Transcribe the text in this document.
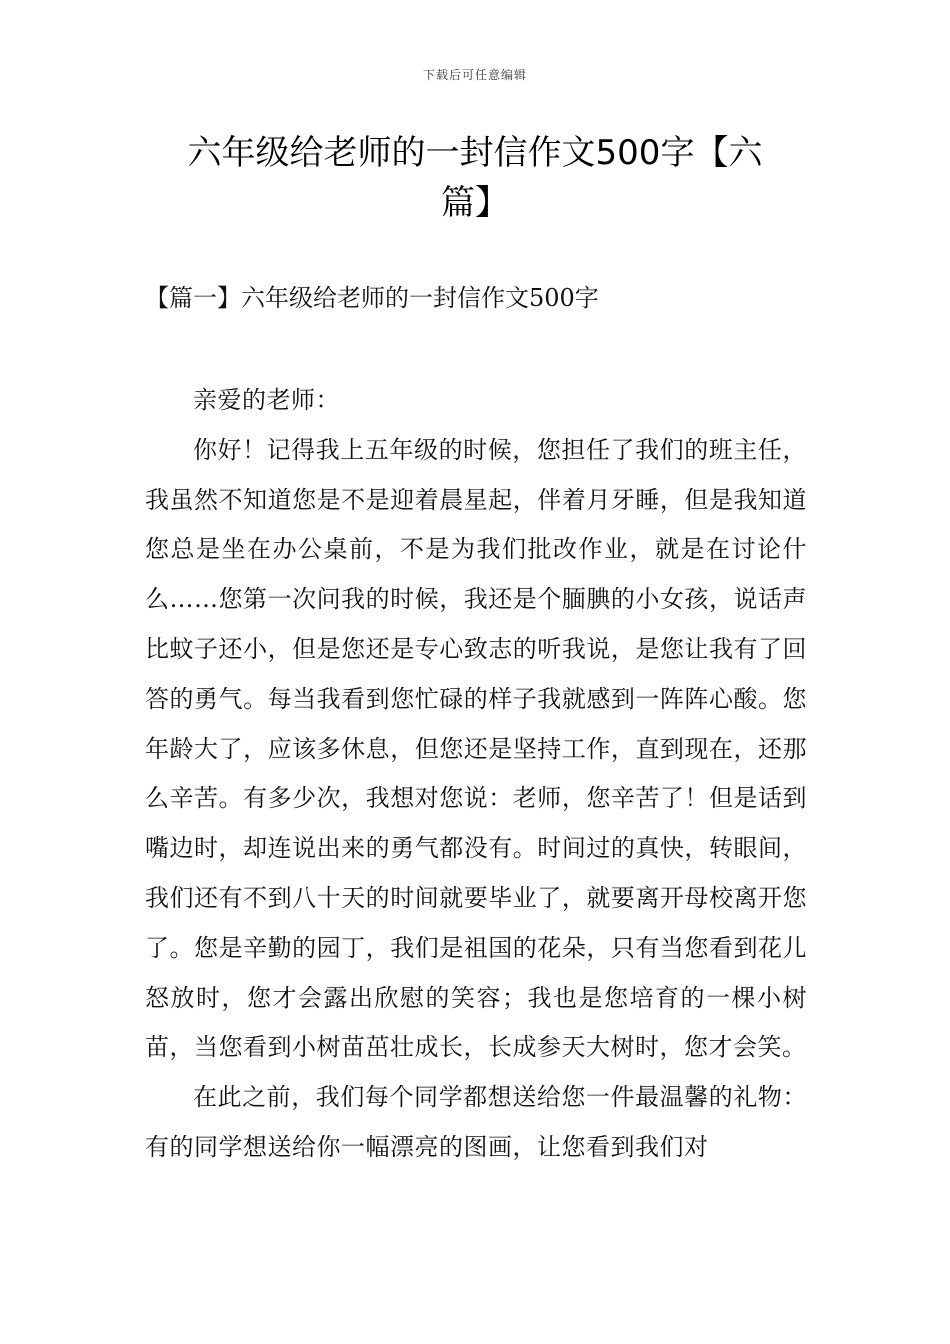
下载后可任意编辑
六年级给老师的一封信作文500字【六
篇】
【篇一】六年级给老师的一封信作文500字

亲爱的老师：

你好！记得我上五年级的时候，您担任了我们的班主任，我虽然不知道您是不是迎着晨星起，伴着月牙睡，但是我知道您总是坐在办公桌前，不是为我们批改作业，就是在讨论什么……您第一次问我的时候，我还是个腼腆的小女孩，说话声比蚊子还小，但是您还是专心致志的听我说，是您让我有了回答的勇气。每当我看到您忙碌的样子我就感到一阵阵心酸。您年龄大了，应该多休息，但您还是坚持工作，直到现在，还那么辛苦。有多少次，我想对您说：老师，您辛苦了！但是话到嘴边时，却连说出来的勇气都没有。时间过的真快，转眼间，我们还有不到八十天的时间就要毕业了，就要离开母校离开您了。您是辛勤的园丁，我们是祖国的花朵，只有当您看到花儿怒放时，您才会露出欣慰的笑容；我也是您培育的一棵小树苗，当您看到小树苗茁壮成长，长成参天大树时，您才会笑。

在此之前，我们每个同学都想送给您一件最温馨的礼物：有的同学想送给你一幅漂亮的图画，让您看到我们对
